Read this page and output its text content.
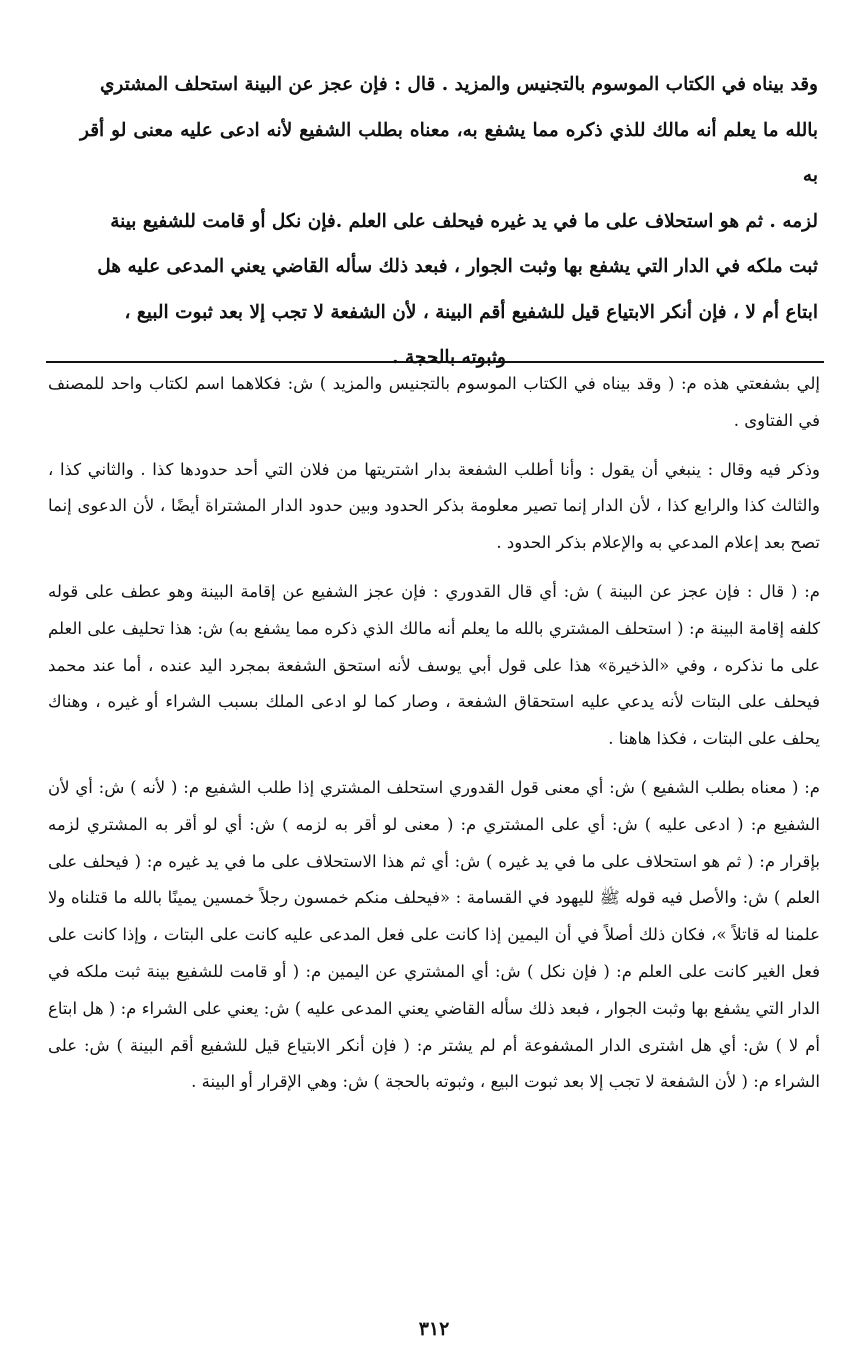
وقد بيناه في الكتاب الموسوم بالتجنيس والمزيد . قال : فإن عجز عن البينة استحلف المشتري
بالله ما يعلم أنه مالك للذي ذكره مما يشفع به، معناه بطلب الشفيع لأنه ادعى عليه معنى لو أقر به
لزمه . ثم هو استحلاف على ما في يد غيره فيحلف على العلم .فإن نكل أو قامت للشفيع بينة
ثبت ملكه في الدار التي يشفع بها وثبت الجوار ، فبعد ذلك سأله القاضي يعني المدعى عليه هل
ابتاع أم لا ، فإن أنكر الابتياع قيل للشفيع أقم البينة ، لأن الشفعة لا تجب إلا بعد ثبوت البيع ،
وثبوته بالحجة .

إلي بشفعتي هذه م: ( وقد بيناه في الكتاب الموسوم بالتجنيس والمزيد ) ش: فكلاهما اسم لكتاب واحد للمصنف في الفتاوى .

وذكر فيه وقال : ينبغي أن يقول : وأنا أطلب الشفعة بدار اشتريتها من فلان التي أحد حدودها كذا . والثاني كذا ، والثالث كذا والرابع كذا ، لأن الدار إنما تصير معلومة بذكر الحدود وبين حدود الدار المشتراة أيضًا ، لأن الدعوى إنما تصح بعد إعلام المدعي به والإعلام بذكر الحدود .

م: ( قال : فإن عجز عن البينة ) ش: أي قال القدوري : فإن عجز الشفيع عن إقامة البينة وهو عطف على قوله كلفه إقامة البينة م: ( استحلف المشتري بالله ما يعلم أنه مالك الذي ذكره مما يشفع به) ش: هذا تحليف على العلم على ما نذكره ، وفي «الذخيرة» هذا على قول أبي يوسف لأنه استحق الشفعة بمجرد اليد عنده ، أما عند محمد فيحلف على البتات لأنه يدعي عليه استحقاق الشفعة ، وصار كما لو ادعى الملك بسبب الشراء أو غيره ، وهناك يحلف على البتات ، فكذا هاهنا .

م: ( معناه بطلب الشفيع ) ش: أي معنى قول القدوري استحلف المشتري إذا طلب الشفيع م: ( لأنه ) ش: أي لأن الشفيع م: ( ادعى عليه ) ش: أي على المشتري م: ( معنى لو أقر به لزمه ) ش: أي لو أقر به المشتري لزمه بإقرار م: ( ثم هو استحلاف على ما في يد غيره ) ش: أي ثم هذا الاستحلاف على ما في يد غيره م: ( فيحلف على العلم ) ش: والأصل فيه قوله ﷺ لليهود في القسامة : «فيحلف منكم خمسون رجلاً خمسين يمينًا بالله ما قتلناه ولا علمنا له قاتلاً »، فكان ذلك أصلاً في أن اليمين إذا كانت على فعل المدعى عليه كانت على البتات ، وإذا كانت على فعل الغير كانت على العلم م: ( فإن نكل ) ش: أي المشتري عن اليمين م: ( أو قامت للشفيع بينة ثبت ملكه في الدار التي يشفع بها وثبت الجوار ، فبعد ذلك سأله القاضي يعني المدعى عليه ) ش: يعني على الشراء م: ( هل ابتاع أم لا ) ش: أي هل اشترى الدار المشفوعة أم لم يشتر م: ( فإن أنكر الابتياع قيل للشفيع أقم البينة ) ش: على الشراء م: ( لأن الشفعة لا تجب إلا بعد ثبوت البيع ، وثبوته بالحجة ) ش: وهي الإقرار أو البينة .

٣١٢
